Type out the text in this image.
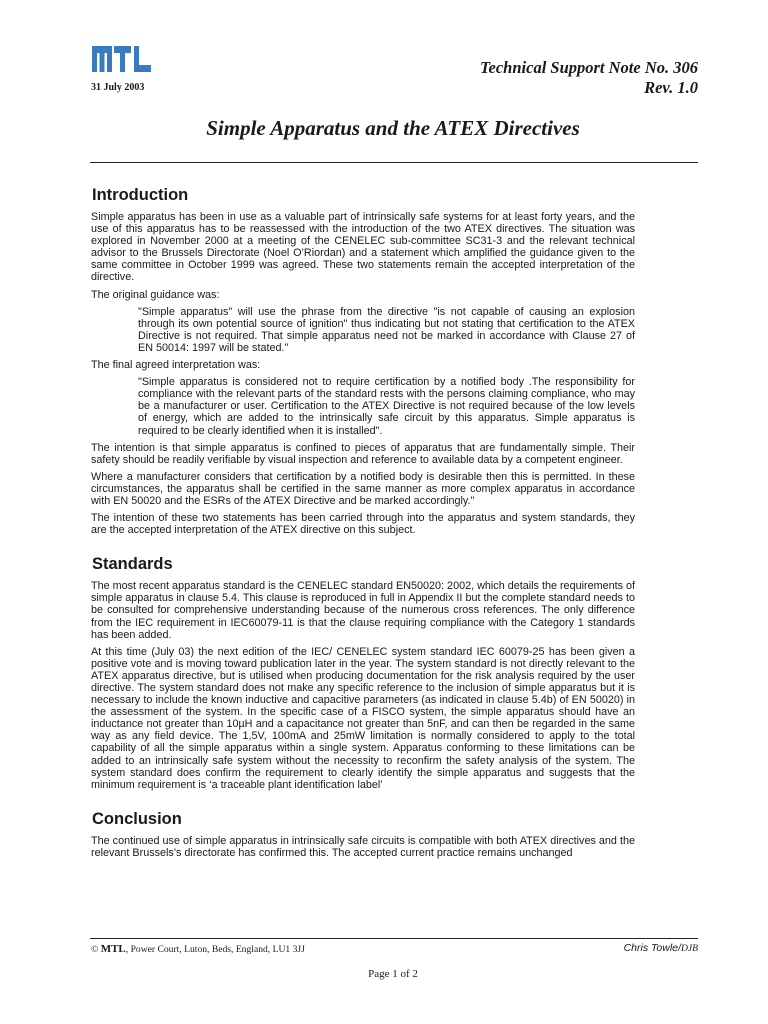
31 July 2003
Technical Support Note No. 306
Rev. 1.0
Simple Apparatus and the ATEX Directives
Introduction

Simple apparatus has been in use as a valuable part of intrinsically safe systems for at least forty years, and the use of this apparatus has to be reassessed with the introduction of the two ATEX directives. The situation was explored in November 2000 at a meeting of the CENELEC sub-committee SC31-3 and the relevant technical advisor to the Brussels Directorate (Noel O’Riordan) and a statement which amplified the guidance given to the same committee in October 1999 was agreed. These two statements remain the accepted interpretation of the directive.

The original guidance was:

"Simple apparatus" will use the phrase from the directive "is not capable of causing an explosion through its own potential source of ignition" thus indicating but not stating that certification to the ATEX Directive is not required. That simple apparatus need not be marked in accordance with Clause 27 of EN 50014: 1997 will be stated."

The final agreed interpretation was:

"Simple apparatus is considered not to require certification by a notified body .The responsibility for compliance with the relevant parts of the standard rests with the persons claiming compliance, who may be a manufacturer or user. Certification to the ATEX Directive is not required because of the low levels of energy, which are added to the intrinsically safe circuit by this apparatus. Simple apparatus is required to be clearly identified when it is installed".

The intention is that simple apparatus is confined to pieces of apparatus that are fundamentally simple. Their safety should be readily verifiable by visual inspection and reference to available data by a competent engineer.

Where a manufacturer considers that certification by a notified body is desirable then this is permitted. In these circumstances, the apparatus shall be certified in the same manner as more complex apparatus in accordance with EN 50020 and the ESRs of the ATEX Directive and be marked accordingly."

The intention of these two statements has been carried through into the apparatus and system standards, they are the accepted interpretation of the ATEX directive on this subject.

Standards

The most recent apparatus standard is the CENELEC standard EN50020: 2002, which details the requirements of simple apparatus in clause 5.4. This clause is reproduced in full in Appendix II but the complete standard needs to be consulted for comprehensive understanding because of the numerous cross references. The only difference from the IEC requirement in IEC60079-11 is that the clause requiring compliance with the Category 1 standards has been added.

At this time (July 03) the next edition of the IEC/ CENELEC system standard IEC 60079-25 has been given a positive vote and is moving toward publication later in the year. The system standard is not directly relevant to the ATEX apparatus directive, but is utilised when producing documentation for the risk analysis required by the user directive. The system standard does not make any specific reference to the inclusion of simple apparatus but it is necessary to include the known inductive and capacitive parameters (as indicated in clause 5.4b) of EN 50020) in the assessment of the system. In the specific case of a FISCO system, the simple apparatus should have an inductance not greater than 10µH and a capacitance not greater than 5nF, and can then be regarded in the same way as any field device. The 1,5V, 100mA and 25mW limitation is normally considered to apply to the total capability of all the simple apparatus within a single system. Apparatus conforming to these limitations can be added to an intrinsically safe system without the necessity to reconfirm the safety analysis of the system. The system standard does confirm the requirement to clearly identify the simple apparatus and suggests that the minimum requirement is ‘a traceable plant identification label’

Conclusion

The continued use of simple apparatus in intrinsically safe circuits is compatible with both ATEX directives and the relevant Brussels’s directorate has confirmed this. The accepted current practice remains unchanged

© MTL, Power Court, Luton, Beds, England, LU1 3JJ	Chris Towle/DJB
Page 1 of 2
